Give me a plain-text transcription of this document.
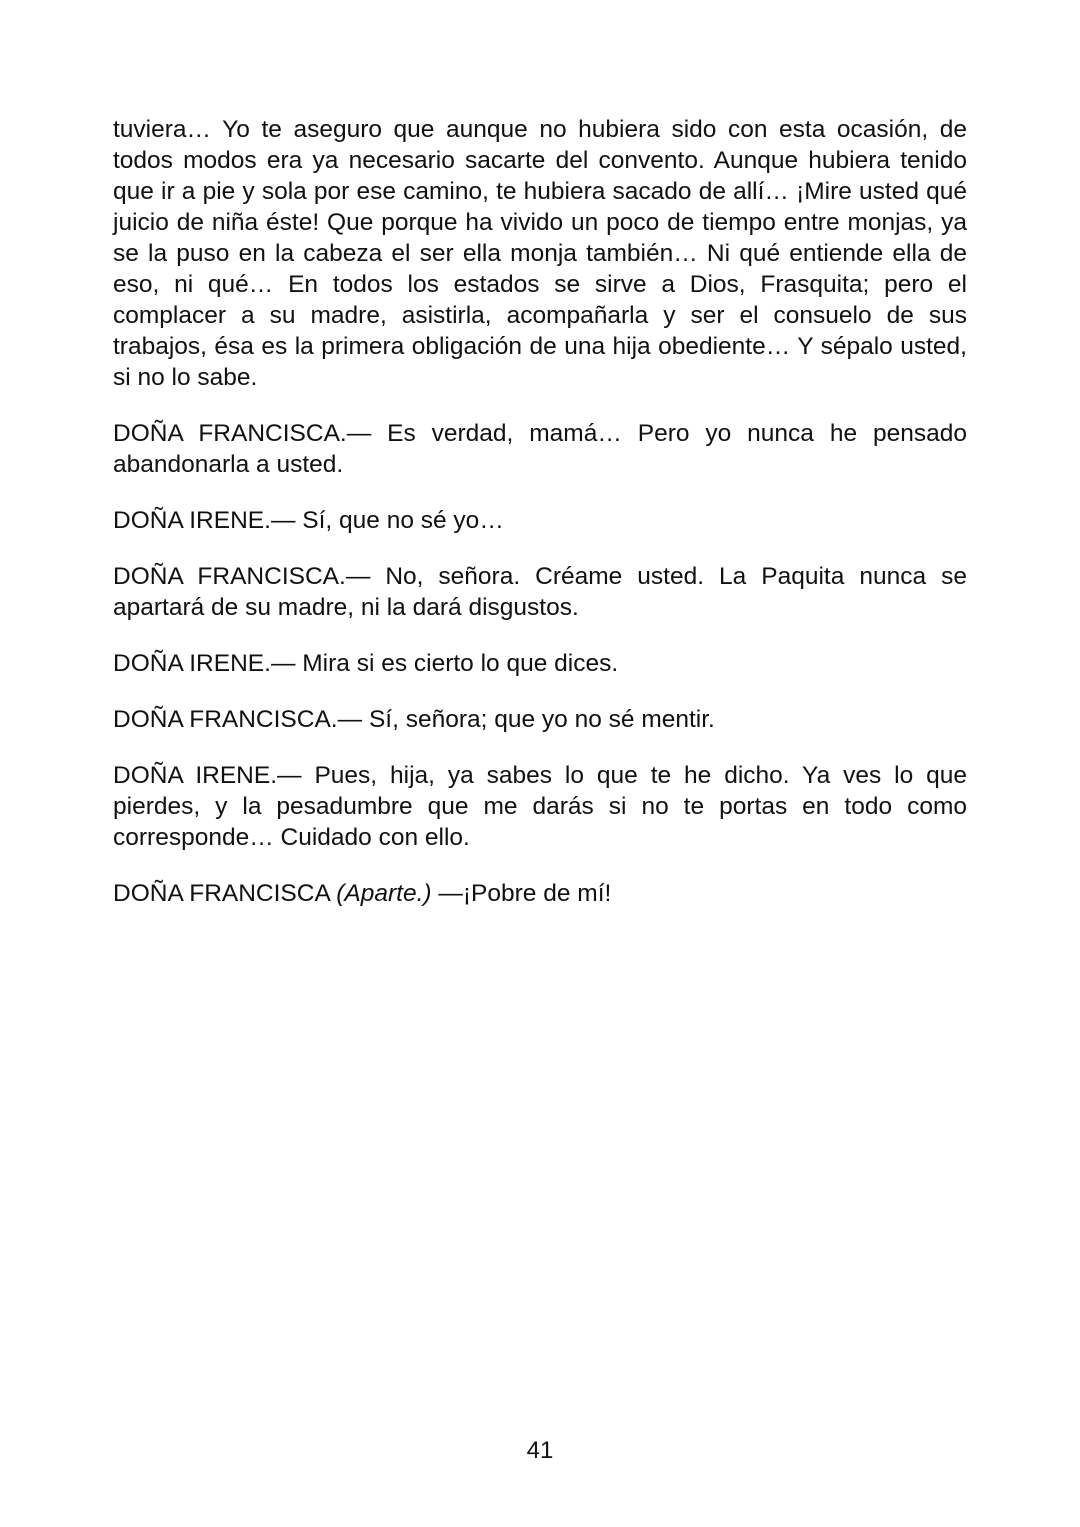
tuviera… Yo te aseguro que aunque no hubiera sido con esta ocasión, de todos modos era ya necesario sacarte del convento. Aunque hubiera tenido que ir a pie y sola por ese camino, te hubiera sacado de allí… ¡Mire usted qué juicio de niña éste! Que porque ha vivido un poco de tiempo entre monjas, ya se la puso en la cabeza el ser ella monja también… Ni qué entiende ella de eso, ni qué… En todos los estados se sirve a Dios, Frasquita; pero el complacer a su madre, asistirla, acompañarla y ser el consuelo de sus trabajos, ésa es la primera obligación de una hija obediente… Y sépalo usted, si no lo sabe.

DOÑA FRANCISCA.— Es verdad, mamá… Pero yo nunca he pensado abandonarla a usted.

DOÑA IRENE.— Sí, que no sé yo…

DOÑA FRANCISCA.— No, señora. Créame usted. La Paquita nunca se apartará de su madre, ni la dará disgustos.

DOÑA IRENE.— Mira si es cierto lo que dices.

DOÑA FRANCISCA.— Sí, señora; que yo no sé mentir.

DOÑA IRENE.— Pues, hija, ya sabes lo que te he dicho. Ya ves lo que pierdes, y la pesadumbre que me darás si no te portas en todo como corresponde… Cuidado con ello.

DOÑA FRANCISCA (Aparte.) —¡Pobre de mí!

41
